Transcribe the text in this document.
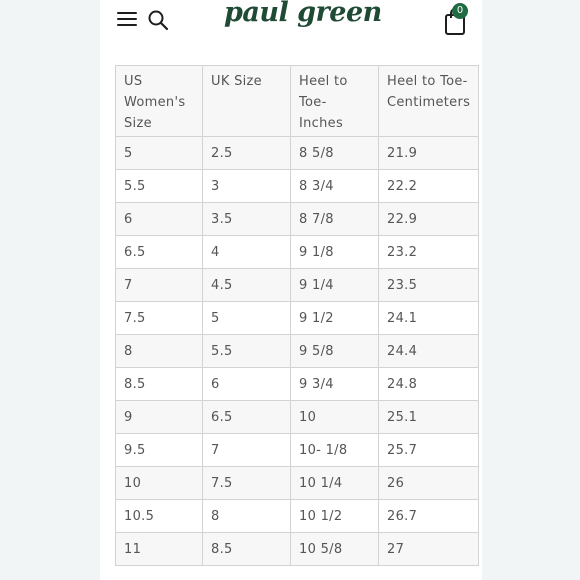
paul green	0
US Women's Size	UK Size	Heel to Toe- Inches	Heel to Toe- Centimeters
5	2.5	8 5/8	21.9
5.5	3	8 3/4	22.2
6	3.5	8 7/8	22.9
6.5	4	9 1/8	23.2
7	4.5	9 1/4	23.5
7.5	5	9 1/2	24.1
8	5.5	9 5/8	24.4
8.5	6	9 3/4	24.8
9	6.5	10	25.1
9.5	7	10- 1/8	25.7
10	7.5	10 1/4	26
10.5	8	10 1/2	26.7
11	8.5	10 5/8	27
